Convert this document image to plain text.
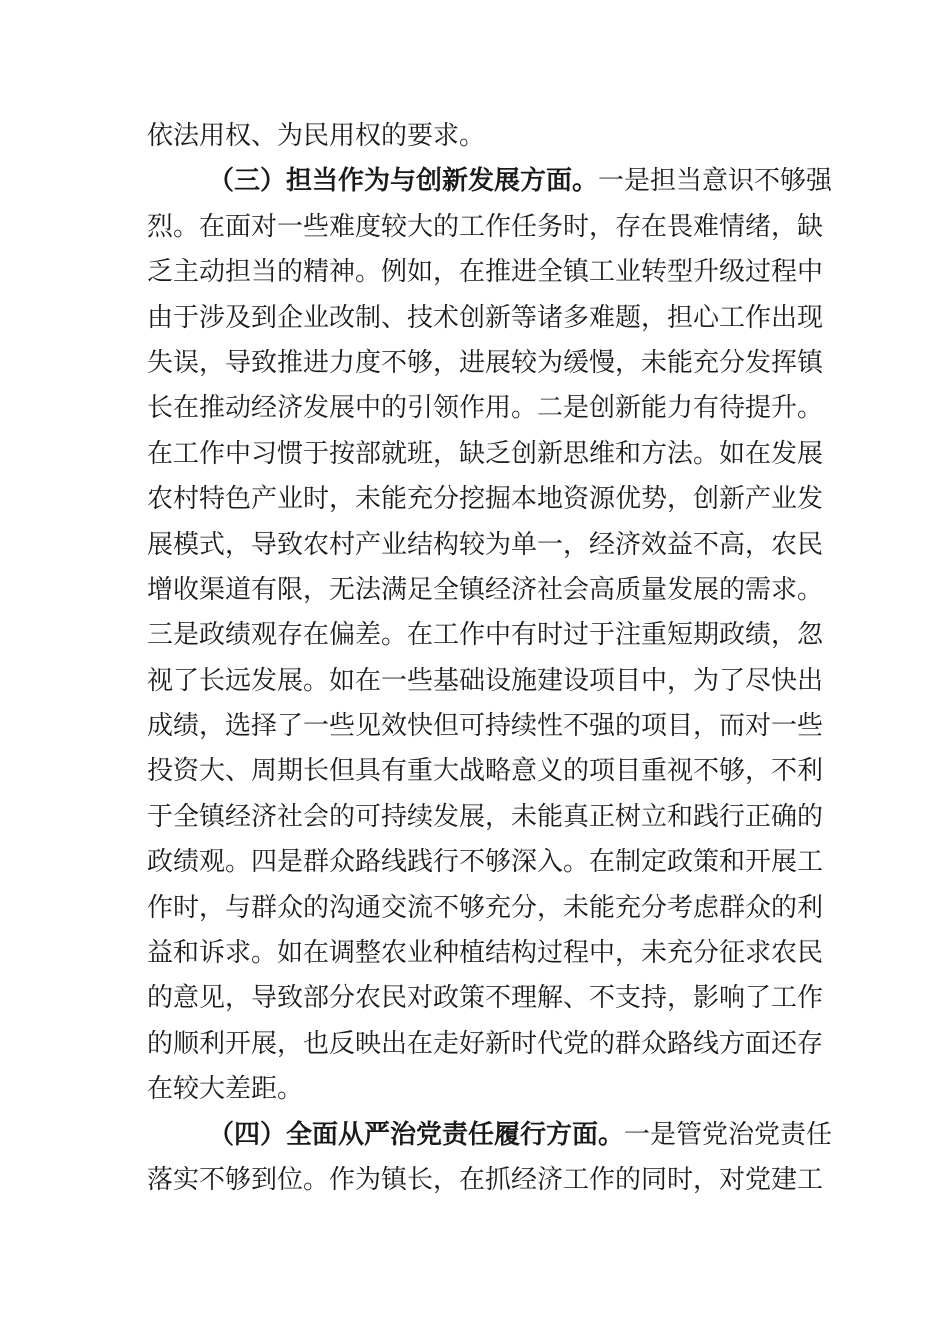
依法用权、为民用权的要求。
（三）担当作为与创新发展方面。一是担当意识不够强
烈。在面对一些难度较大的工作任务时，存在畏难情绪，缺
乏主动担当的精神。例如，在推进全镇工业转型升级过程中
由于涉及到企业改制、技术创新等诸多难题，担心工作出现
失误，导致推进力度不够，进展较为缓慢，未能充分发挥镇
长在推动经济发展中的引领作用。二是创新能力有待提升。
在工作中习惯于按部就班，缺乏创新思维和方法。如在发展
农村特色产业时，未能充分挖掘本地资源优势，创新产业发
展模式，导致农村产业结构较为单一，经济效益不高，农民
增收渠道有限，无法满足全镇经济社会高质量发展的需求。
三是政绩观存在偏差。在工作中有时过于注重短期政绩，忽
视了长远发展。如在一些基础设施建设项目中，为了尽快出
成绩，选择了一些见效快但可持续性不强的项目，而对一些
投资大、周期长但具有重大战略意义的项目重视不够，不利
于全镇经济社会的可持续发展，未能真正树立和践行正确的
政绩观。四是群众路线践行不够深入。在制定政策和开展工
作时，与群众的沟通交流不够充分，未能充分考虑群众的利
益和诉求。如在调整农业种植结构过程中，未充分征求农民
的意见，导致部分农民对政策不理解、不支持，影响了工作
的顺利开展，也反映出在走好新时代党的群众路线方面还存
在较大差距。
（四）全面从严治党责任履行方面。一是管党治党责任
落实不够到位。作为镇长，在抓经济工作的同时，对党建工
